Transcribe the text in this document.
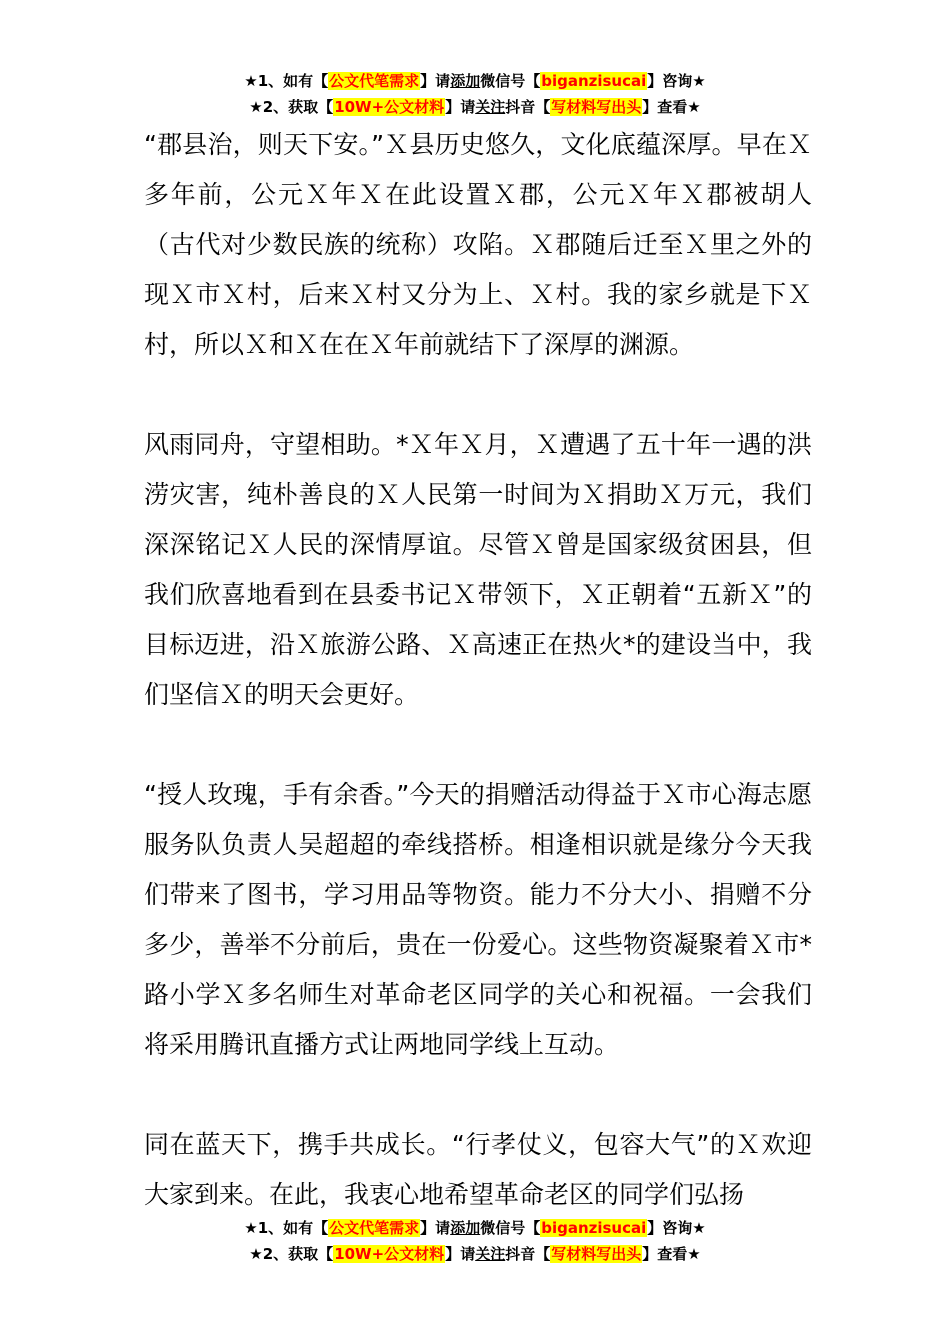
★1、如有【公文代笔需求】请添加微信号【biganzisucai】咨询★
★2、获取【10W+公文材料】请关注抖音【写材料写出头】查看★

“郡县治，则天下安。”Ｘ县历史悠久，文化底蕴深厚。早在Ｘ多年前，公元Ｘ年Ｘ在此设置Ｘ郡，公元Ｘ年Ｘ郡被胡人（古代对少数民族的统称）攻陷。Ｘ郡随后迁至Ｘ里之外的现Ｘ市Ｘ村，后来Ｘ村又分为上、Ｘ村。我的家乡就是下Ｘ村，所以Ｘ和Ｘ在在Ｘ年前就结下了深厚的渊源。

风雨同舟，守望相助。*Ｘ年Ｘ月，Ｘ遭遇了五十年一遇的洪涝灾害，纯朴善良的Ｘ人民第一时间为Ｘ捐助Ｘ万元，我们深深铭记Ｘ人民的深情厚谊。尽管Ｘ曾是国家级贫困县，但我们欣喜地看到在县委书记Ｘ带领下，Ｘ正朝着“五新Ｘ”的目标迈进，沿Ｘ旅游公路、Ｘ高速正在热火*的建设当中，我们坚信Ｘ的明天会更好。

“授人玫瑰，手有余香。”今天的捐赠活动得益于Ｘ市心海志愿服务队负责人吴超超的牵线搭桥。相逢相识就是缘分今天我们带来了图书，学习用品等物资。能力不分大小、捐赠不分多少，善举不分前后，贵在一份爱心。这些物资凝聚着Ｘ市*路小学Ｘ多名师生对革命老区同学的关心和祝福。一会我们将采用腾讯直播方式让两地同学线上互动。

同在蓝天下，携手共成长。“行孝仗义，包容大气”的Ｘ欢迎大家到来。在此，我衷心地希望革命老区的同学们弘扬

★1、如有【公文代笔需求】请添加微信号【biganzisucai】咨询★
★2、获取【10W+公文材料】请关注抖音【写材料写出头】查看★
